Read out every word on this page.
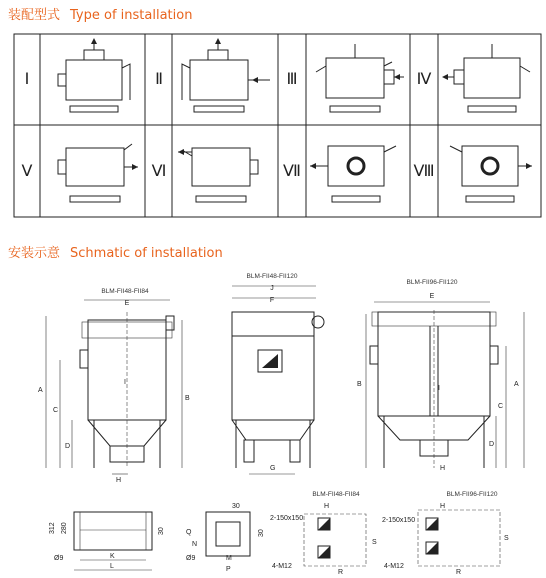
装配型式 Type of installation
安装示意 Schmatic of installation
Ⅰ	Ⅱ	Ⅲ	Ⅳ
Ⅴ	Ⅵ	Ⅶ	Ⅷ
BLM-FII48-FII84
E
A
C
D
B
I
H
BLM-FII48-FII120
J
F
G
BLM-FII96-FII120
E
B	A
C
D
I
H
312 280
Ø9
30
K
L
30
Q
N
30
Ø9	M
P
BLM-FII48-FII84
2-150x150
H
S
4-M12
R
BLM-FII96-FII120
2-150x150
H
S
4-M12
R
